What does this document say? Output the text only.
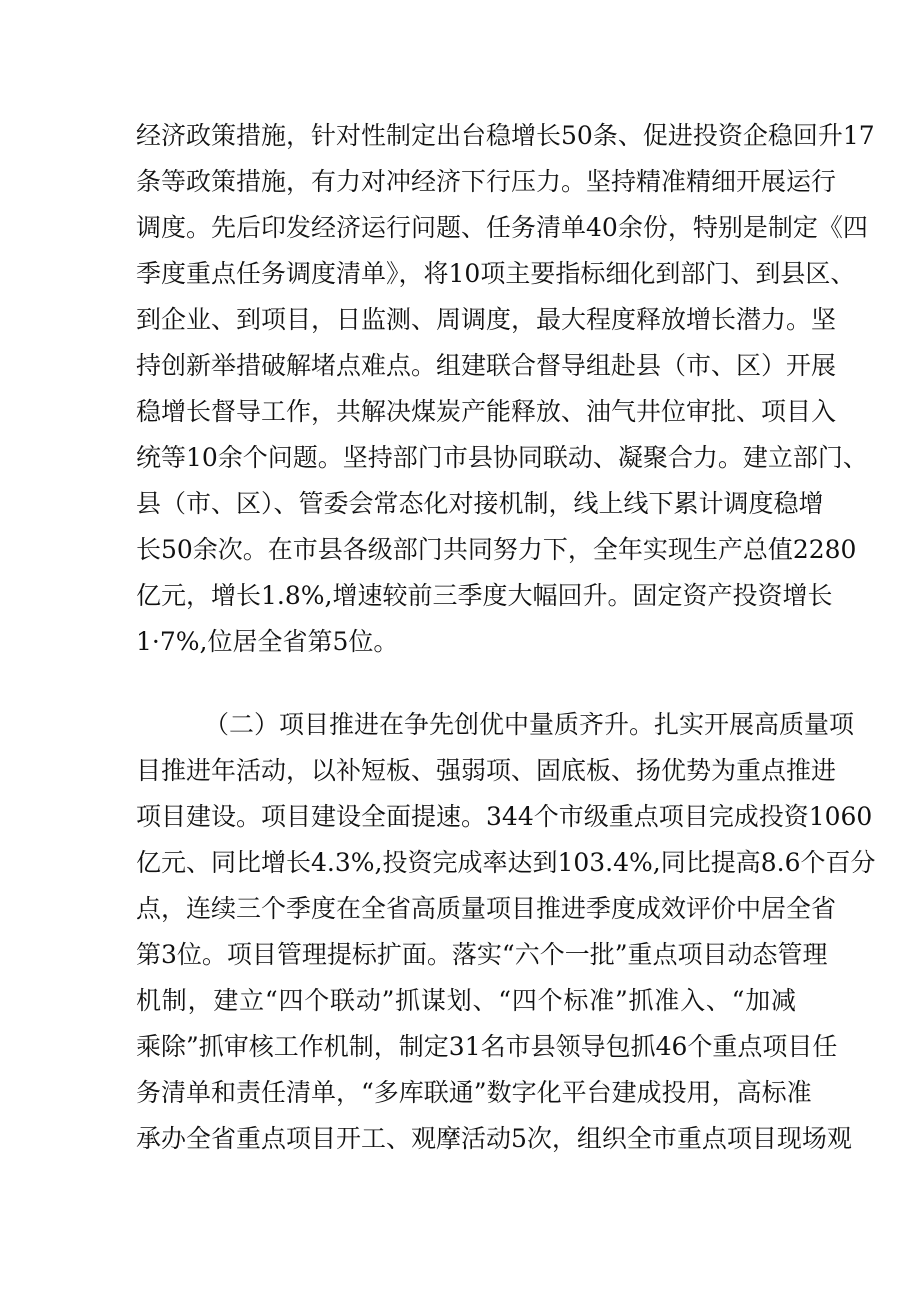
经济政策措施，针对性制定出台稳增长50条、促进投资企稳回升17
条等政策措施，有力对冲经济下行压力。坚持精准精细开展运行
调度。先后印发经济运行问题、任务清单40余份，特别是制定《四
季度重点任务调度清单》，将10项主要指标细化到部门、到县区、
到企业、到项目，日监测、周调度，最大程度释放增长潜力。坚
持创新举措破解堵点难点。组建联合督导组赴县（市、区）开展
稳增长督导工作，共解决煤炭产能释放、油气井位审批、项目入
统等10余个问题。坚持部门市县协同联动、凝聚合力。建立部门、
县（市、区）、管委会常态化对接机制，线上线下累计调度稳增
长50余次。在市县各级部门共同努力下，全年实现生产总值2280
亿元，增长1.8%,增速较前三季度大幅回升。固定资产投资增长
1·7%,位居全省第5位。
（二）项目推进在争先创优中量质齐升。扎实开展高质量项
目推进年活动，以补短板、强弱项、固底板、扬优势为重点推进
项目建设。项目建设全面提速。344个市级重点项目完成投资1060
亿元、同比增长4.3%,投资完成率达到103.4%,同比提高8.6个百分
点，连续三个季度在全省高质量项目推进季度成效评价中居全省
第3位。项目管理提标扩面。落实“六个一批”重点项目动态管理
机制，建立“四个联动”抓谋划、“四个标准”抓准入、“加减
乘除”抓审核工作机制，制定31名市县领导包抓46个重点项目任
务清单和责任清单，“多库联通”数字化平台建成投用，高标准
承办全省重点项目开工、观摩活动5次，组织全市重点项目现场观
